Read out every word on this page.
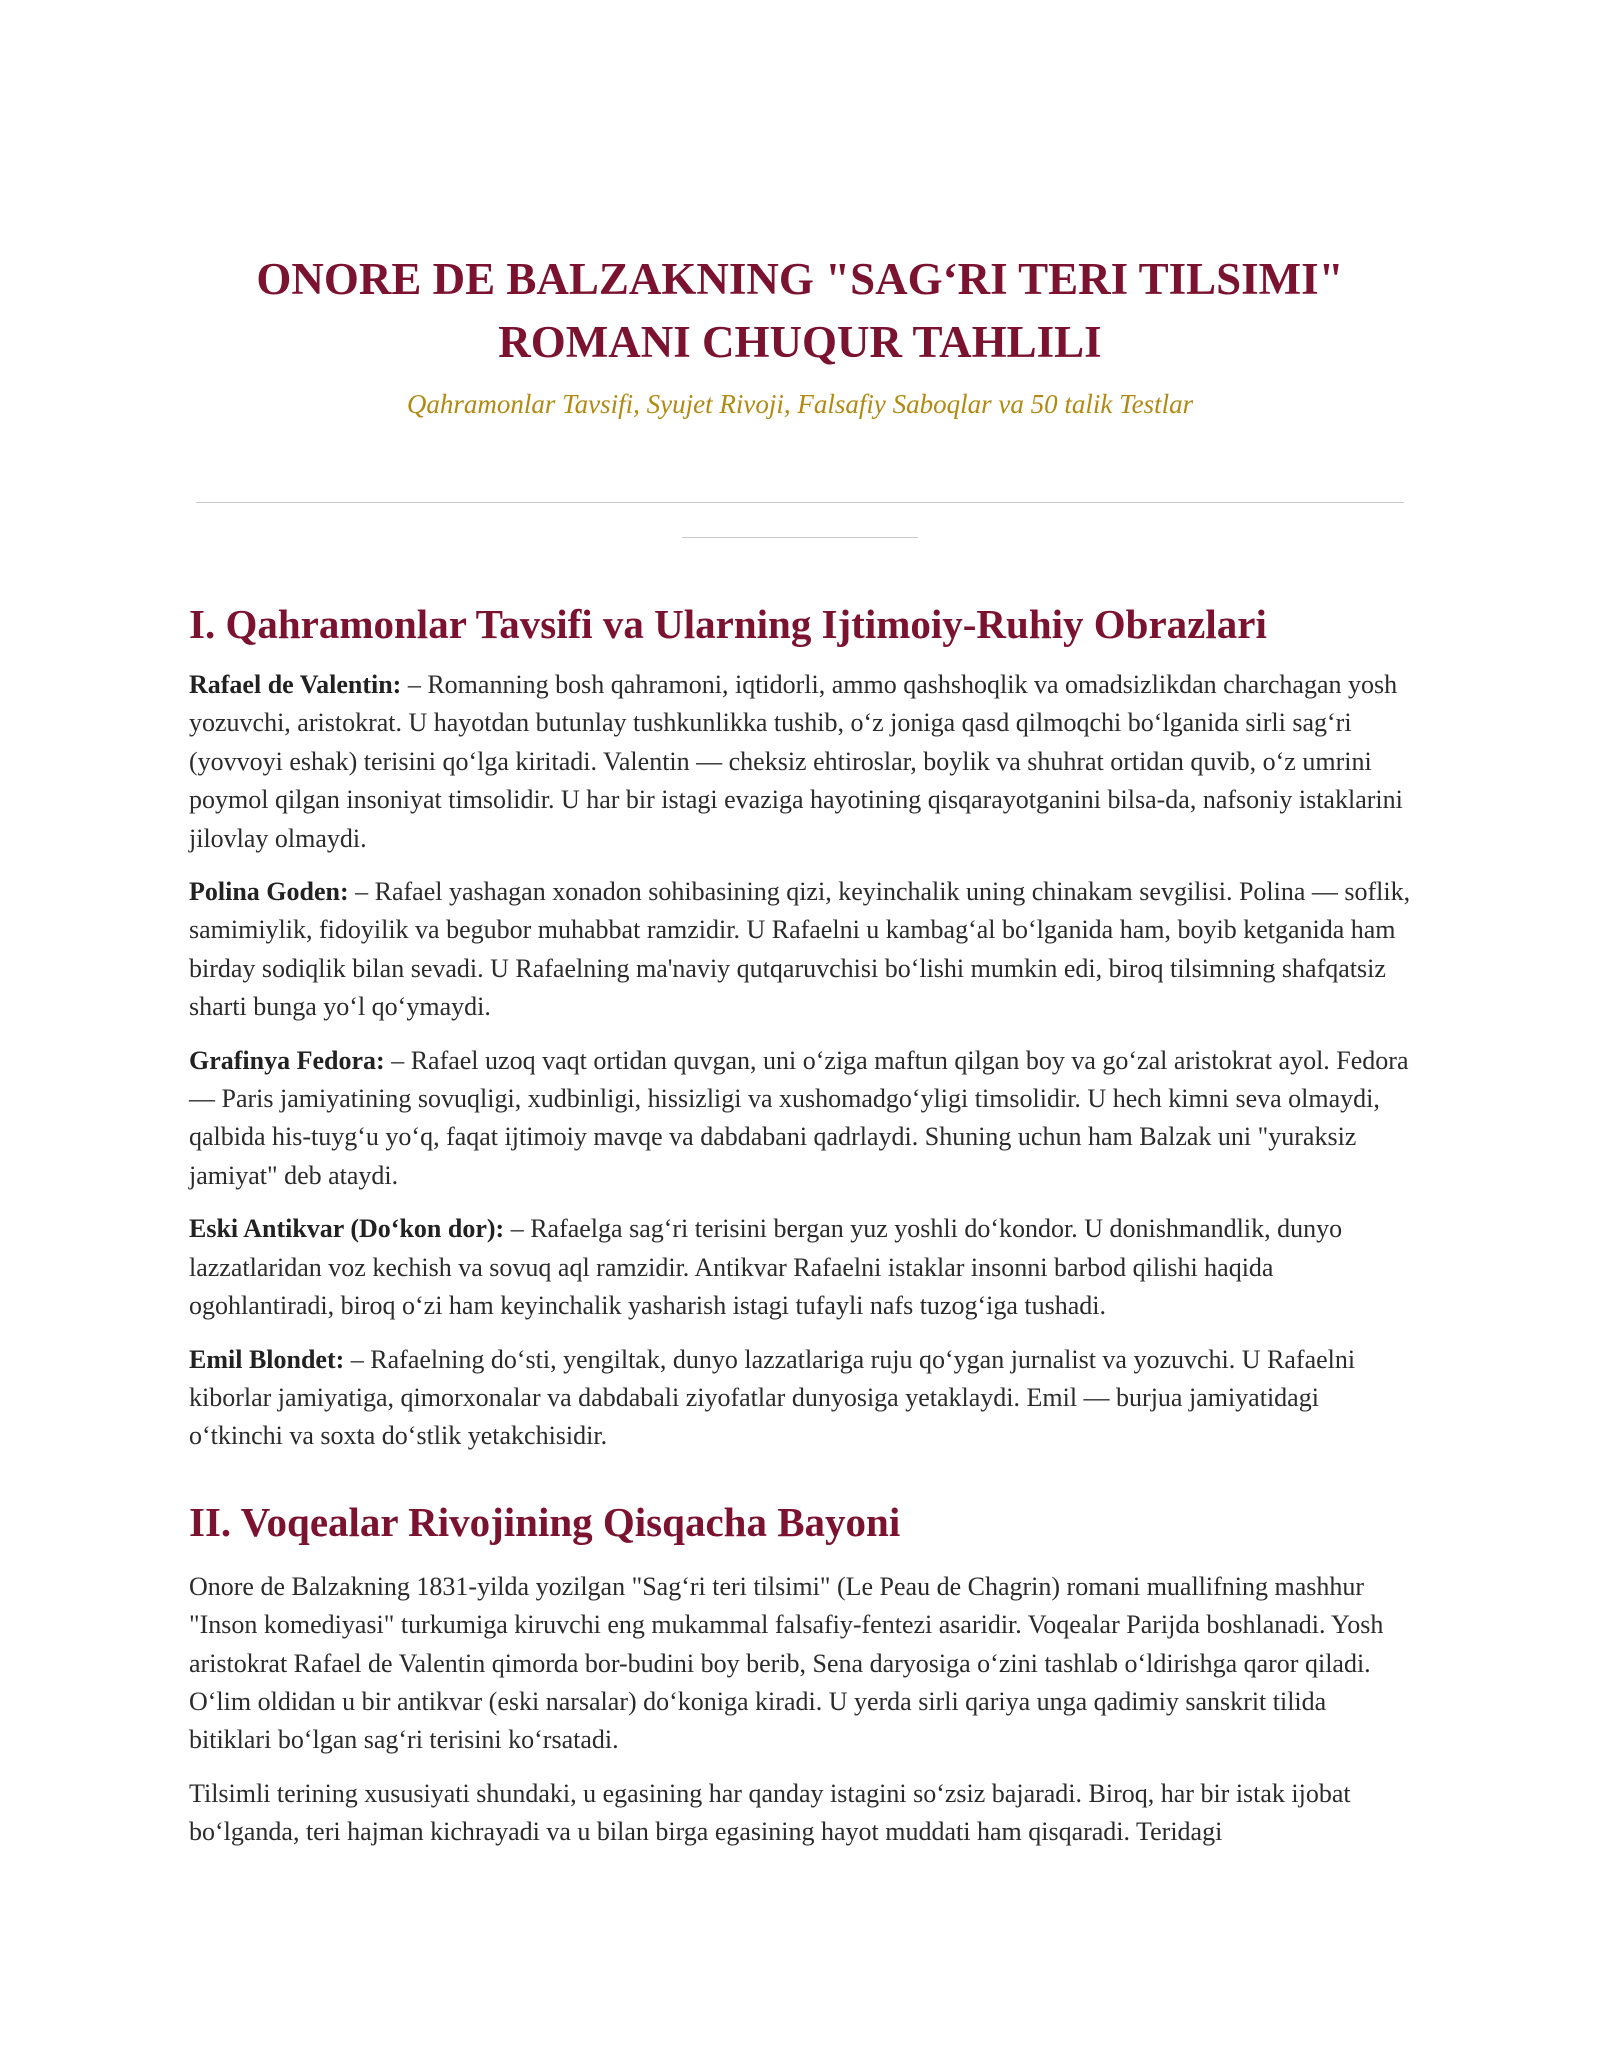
ONORE DE BALZAKNING "SAG‘RI TERI TILSIMI"
ROMANI CHUQUR TAHLILI

Qahramonlar Tavsifi, Syujet Rivoji, Falsafiy Saboqlar va 50 talik Testlar

I. Qahramonlar Tavsifi va Ularning Ijtimoiy-Ruhiy Obrazlari

Rafael de Valentin: – Romanning bosh qahramoni, iqtidorli, ammo qashshoqlik va omadsizlikdan charchagan yosh yozuvchi, aristokrat. U hayotdan butunlay tushkunlikka tushib, o‘z joniga qasd qilmoqchi bo‘lganida sirli sag‘ri (yovvoyi eshak) terisini qo‘lga kiritadi. Valentin — cheksiz ehtiroslar, boylik va shuhrat ortidan quvib, o‘z umrini poymol qilgan insoniyat timsolidir. U har bir istagi evaziga hayotining qisqarayotganini bilsa-da, nafsoniy istaklarini jilovlay olmaydi.

Polina Goden: – Rafael yashagan xonadon sohibasining qizi, keyinchalik uning chinakam sevgilisi. Polina — soflik, samimiylik, fidoyilik va begubor muhabbat ramzidir. U Rafaelni u kambag‘al bo‘lganida ham, boyib ketganida ham birday sodiqlik bilan sevadi. U Rafaelning ma'naviy qutqaruvchisi bo‘lishi mumkin edi, biroq tilsimning shafqatsiz sharti bunga yo‘l qo‘ymaydi.

Grafinya Fedora: – Rafael uzoq vaqt ortidan quvgan, uni o‘ziga maftun qilgan boy va go‘zal aristokrat ayol. Fedora — Paris jamiyatining sovuqligi, xudbinligi, hissizligi va xushomadgo‘yligi timsolidir. U hech kimni seva olmaydi, qalbida his-tuyg‘u yo‘q, faqat ijtimoiy mavqe va dabdabani qadrlaydi. Shuning uchun ham Balzak uni "yuraksiz jamiyat" deb ataydi.

Eski Antikvar (Do‘kon dor): – Rafaelga sag‘ri terisini bergan yuz yoshli do‘kondor. U donishmandlik, dunyo lazzatlaridan voz kechish va sovuq aql ramzidir. Antikvar Rafaelni istaklar insonni barbod qilishi haqida ogohlantiradi, biroq o‘zi ham keyinchalik yasharish istagi tufayli nafs tuzog‘iga tushadi.

Emil Blondet: – Rafaelning do‘sti, yengiltak, dunyo lazzatlariga ruju qo‘ygan jurnalist va yozuvchi. U Rafaelni kiborlar jamiyatiga, qimorxonalar va dabdabali ziyofatlar dunyosiga yetaklaydi. Emil — burjua jamiyatidagi o‘tkinchi va soxta do‘stlik yetakchisidir.

II. Voqealar Rivojining Qisqacha Bayoni

Onore de Balzakning 1831-yilda yozilgan "Sag‘ri teri tilsimi" (Le Peau de Chagrin) romani muallifning mashhur "Inson komediyasi" turkumiga kiruvchi eng mukammal falsafiy-fentezi asaridir. Voqealar Parijda boshlanadi. Yosh aristokrat Rafael de Valentin qimorda bor-budini boy berib, Sena daryosiga o‘zini tashlab o‘ldirishga qaror qiladi. O‘lim oldidan u bir antikvar (eski narsalar) do‘koniga kiradi. U yerda sirli qariya unga qadimiy sanskrit tilida bitiklari bo‘lgan sag‘ri terisini ko‘rsatadi.

Tilsimli terining xususiyati shundaki, u egasining har qanday istagini so‘zsiz bajaradi. Biroq, har bir istak ijobat bo‘lganda, teri hajman kichrayadi va u bilan birga egasining hayot muddati ham qisqaradi. Teridagi
